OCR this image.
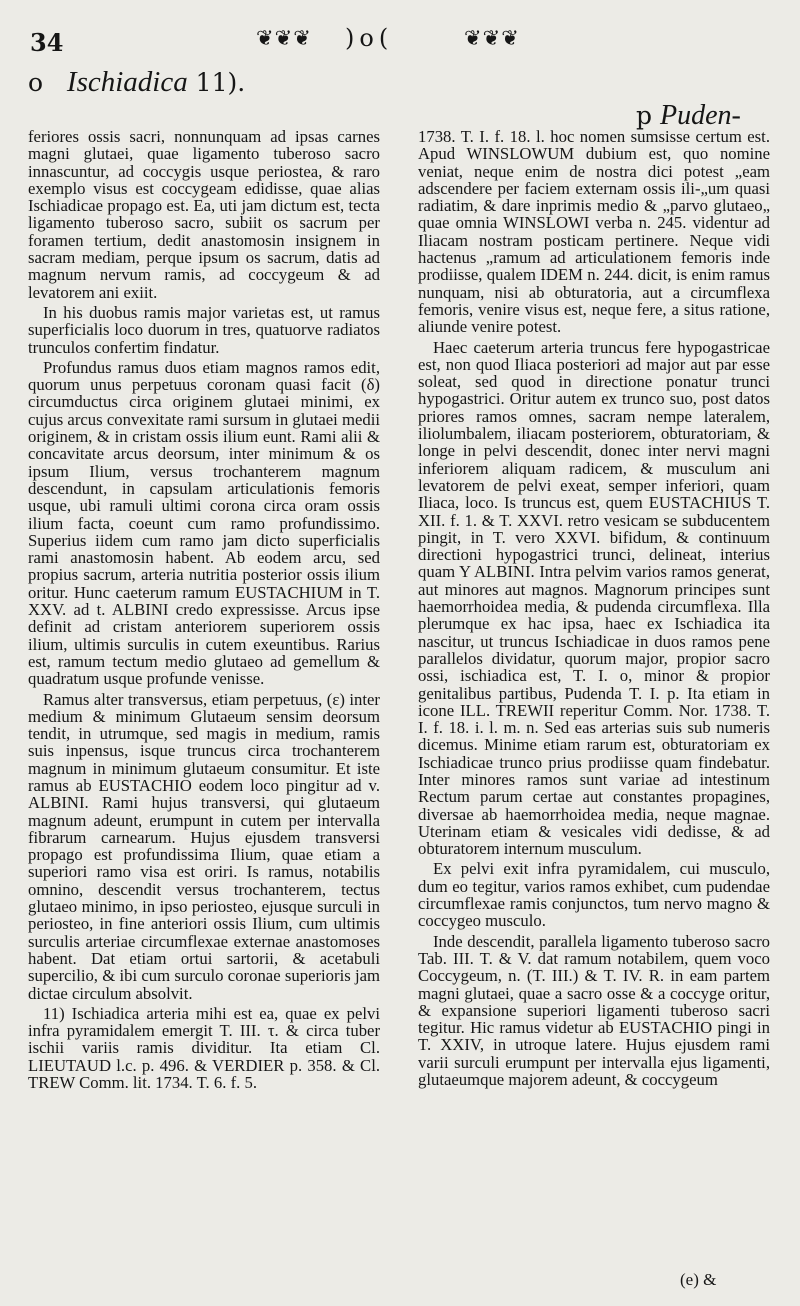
34	❦❦❦ )o(	❦❦❦
o Ischiadica 11).
p Puden-

feriores ossis sacri, nonnunquam ad ipsas carnes magni glutaei, quae ligamento tuberoso sacro innascuntur, ad coccygis usque periostea, & raro exemplo visus est coccygeam edidisse, quae alias Ischiadicae propago est. Ea, uti jam dictum est, tecta ligamento tuberoso sacro, subiit os sacrum per foramen tertium, dedit anastomosin insignem in sacram mediam, perque ipsum os sacrum, datis ad magnum nervum ramis, ad coccygeum & ad levatorem ani exiit.

In his duobus ramis major varietas est, ut ramus superficialis loco duorum in tres, quatuorve radiatos trunculos confertim findatur.

Profundus ramus duos etiam magnos ramos edit, quorum unus perpetuus coronam quasi facit (δ) circumductus circa originem glutaei minimi, ex cujus arcus convexitate rami sursum in glutaei medii originem, & in cristam ossis ilium eunt. Rami alii & concavitate arcus deorsum, inter minimum & os ipsum Ilium, versus trochanterem magnum descendunt, in capsulam articulationis femoris usque, ubi ramuli ultimi corona circa oram ossis ilium facta, coeunt cum ramo profundissimo. Superius iidem cum ramo jam dicto superficialis rami anastomosin habent. Ab eodem arcu, sed propius sacrum, arteria nutritia posterior ossis ilium oritur. Hunc caeterum ramum EUSTACHIUM in T. XXV. ad t. ALBINI credo expressisse. Arcus ipse definit ad cristam anteriorem superiorem ossis ilium, ultimis surculis in cutem exeuntibus. Rarius est, ramum tectum medio glutaeo ad gemellum & quadratum usque profunde venisse.

Ramus alter transversus, etiam perpetuus, (ε) inter medium & minimum Glutaeum sensim deorsum tendit, in utrumque, sed magis in medium, ramis suis inpensus, isque truncus circa trochanterem magnum in minimum glutaeum consumitur. Et iste ramus ab EUSTACHIO eodem loco pingitur ad v. ALBINI. Rami hujus transversi, qui glutaeum magnum adeunt, erumpunt in cutem per intervalla fibrarum carnearum. Hujus ejusdem transversi propago est profundissima Ilium, quae etiam a superiori ramo visa est oriri. Is ramus, notabilis omnino, descendit versus trochanterem, tectus glutaeo minimo, in ipso periosteo, ejusque surculi in periosteo, in fine anteriori ossis Ilium, cum ultimis surculis arteriae circumflexae externae anastomoses habent. Dat etiam ortui sartorii, & acetabuli supercilio, & ibi cum surculo coronae superioris jam dictae circulum absolvit.

11) Ischiadica arteria mihi est ea, quae ex pelvi infra pyramidalem emergit T. III. τ. & circa tuber ischii variis ramis dividitur. Ita etiam Cl. LIEUTAUD l.c. p. 496. & VERDIER p. 358. & Cl. TREW Comm. lit. 1734. T. 6. f. 5.

1738. T. I. f. 18. l. hoc nomen sumsisse certum est. Apud WINSLOWUM dubium est, quo nomine veniat, neque enim de nostra dici potest „eam adscendere per faciem externam ossis ili-„um quasi radiatim, & dare inprimis medio & „parvo glutaeo„ quae omnia WINSLOWI verba n. 245. videntur ad Iliacam nostram posticam pertinere. Neque vidi hactenus „ramum ad articulationem femoris inde prodiisse, qualem IDEM n. 244. dicit, is enim ramus nunquam, nisi ab obturatoria, aut a circumflexa femoris, venire visus est, neque fere, a situs ratione, aliunde venire potest.

Haec caeterum arteria truncus fere hypogastricae est, non quod Iliaca posteriori ad major aut par esse soleat, sed quod in directione ponatur trunci hypogastrici. Oritur autem ex trunco suo, post datos priores ramos omnes, sacram nempe lateralem, iliolumbalem, iliacam posteriorem, obturatoriam, & longe in pelvi descendit, donec inter nervi magni inferiorem aliquam radicem, & musculum ani levatorem de pelvi exeat, semper inferiori, quam Iliaca, loco. Is truncus est, quem EUSTACHIUS T. XII. f. 1. & T. XXVI. retro vesicam se subducentem pingit, in T. vero XXVI. bifidum, & continuum directioni hypogastrici trunci, delineat, interius quam Y ALBINI. Intra pelvim varios ramos generat, aut minores aut magnos. Magnorum principes sunt haemorrhoidea media, & pudenda circumflexa. Illa plerumque ex hac ipsa, haec ex Ischiadica ita nascitur, ut truncus Ischiadicae in duos ramos pene parallelos dividatur, quorum major, propior sacro ossi, ischiadica est, T. I. o, minor & propior genitalibus partibus, Pudenda T. I. p. Ita etiam in icone ILL. TREWII reperitur Comm. Nor. 1738. T. I. f. 18. i. l. m. n. Sed eas arterias suis sub numeris dicemus. Minime etiam rarum est, obturatoriam ex Ischiadicae trunco prius prodiisse quam findebatur. Inter minores ramos sunt variae ad intestinum Rectum parum certae aut constantes propagines, diversae ab haemorrhoidea media, neque magnae. Uterinam etiam & vesicales vidi dedisse, & ad obturatorem internum musculum.

Ex pelvi exit infra pyramidalem, cui musculo, dum eo tegitur, varios ramos exhibet, cum pudendae circumflexae ramis conjunctos, tum nervo magno & coccygeo musculo.

Inde descendit, parallela ligamento tuberoso sacro Tab. III. T. & V. dat ramum notabilem, quem voco Coccygeum, n. (T. III.) & T. IV. R. in eam partem magni glutaei, quae a sacro osse & a coccyge oritur, & expansione superiori ligamenti tuberoso sacri tegitur. Hic ramus videtur ab EUSTACHIO pingi in T. XXIV, in utroque latere. Hujus ejusdem rami varii surculi erumpunt per intervalla ejus ligamenti, glutaeumque majorem adeunt, & coccygeum

(e) &
